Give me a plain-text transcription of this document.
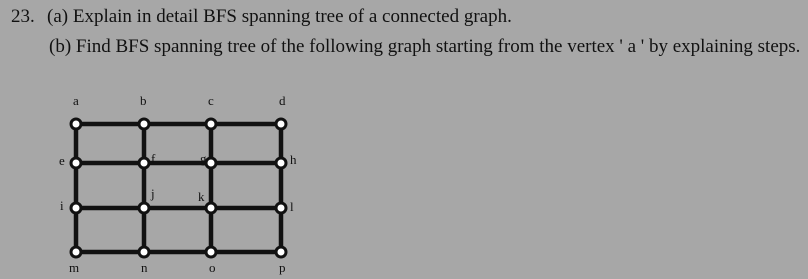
23. (a) Explain in detail BFS spanning tree of a connected graph.
(b) Find BFS spanning tree of the following graph starting from the vertex ' a ' by explaining steps.
a	b	c	d
e	f	g	h
i
j	k
l
m	n	o	p
